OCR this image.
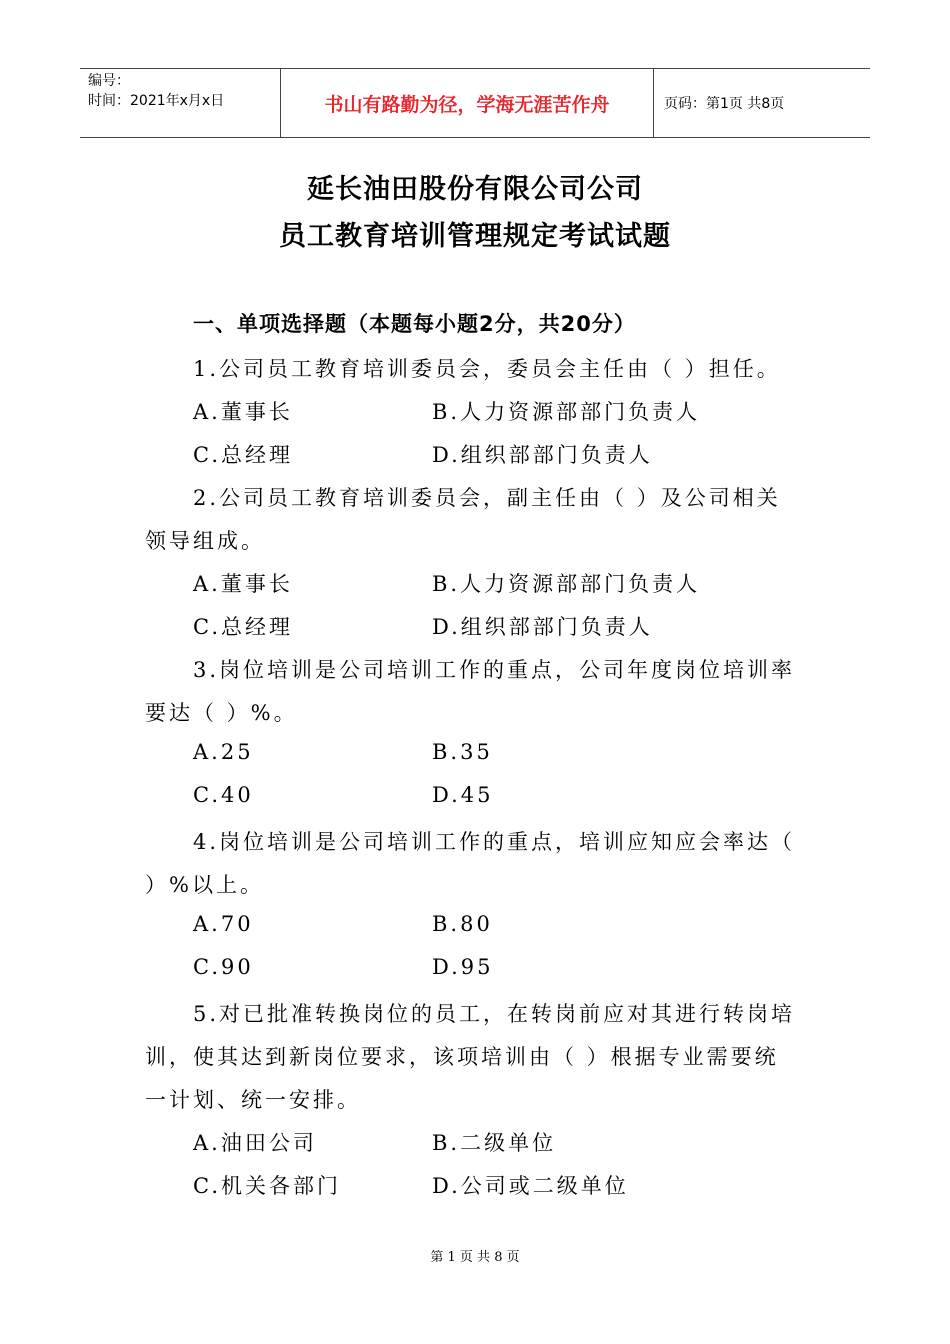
编号：
时间：2021年x月x日	书山有路勤为径，学海无涯苦作舟	页码：第1页 共8页
延长油田股份有限公司公司
员工教育培训管理规定考试试题
一、单项选择题（本题每小题2分，共20分）
1.公司员工教育培训委员会，委员会主任由（ ）担任。
A.董事长	B.人力资源部部门负责人
C.总经理	D.组织部部门负责人
2.公司员工教育培训委员会，副主任由（ ）及公司相关
领导组成。
A.董事长	B.人力资源部部门负责人
C.总经理	D.组织部部门负责人
3.岗位培训是公司培训工作的重点，公司年度岗位培训率
要达（ ）%。
A.25	B.35
C.40	D.45
4.岗位培训是公司培训工作的重点，培训应知应会率达（
）%以上。
A.70	B.80
C.90	D.95
5.对已批准转换岗位的员工，在转岗前应对其进行转岗培
训，使其达到新岗位要求，该项培训由（ ）根据专业需要统
一计划、统一安排。
A.油田公司	B.二级单位
C.机关各部门	D.公司或二级单位
第 1 页 共 8 页
